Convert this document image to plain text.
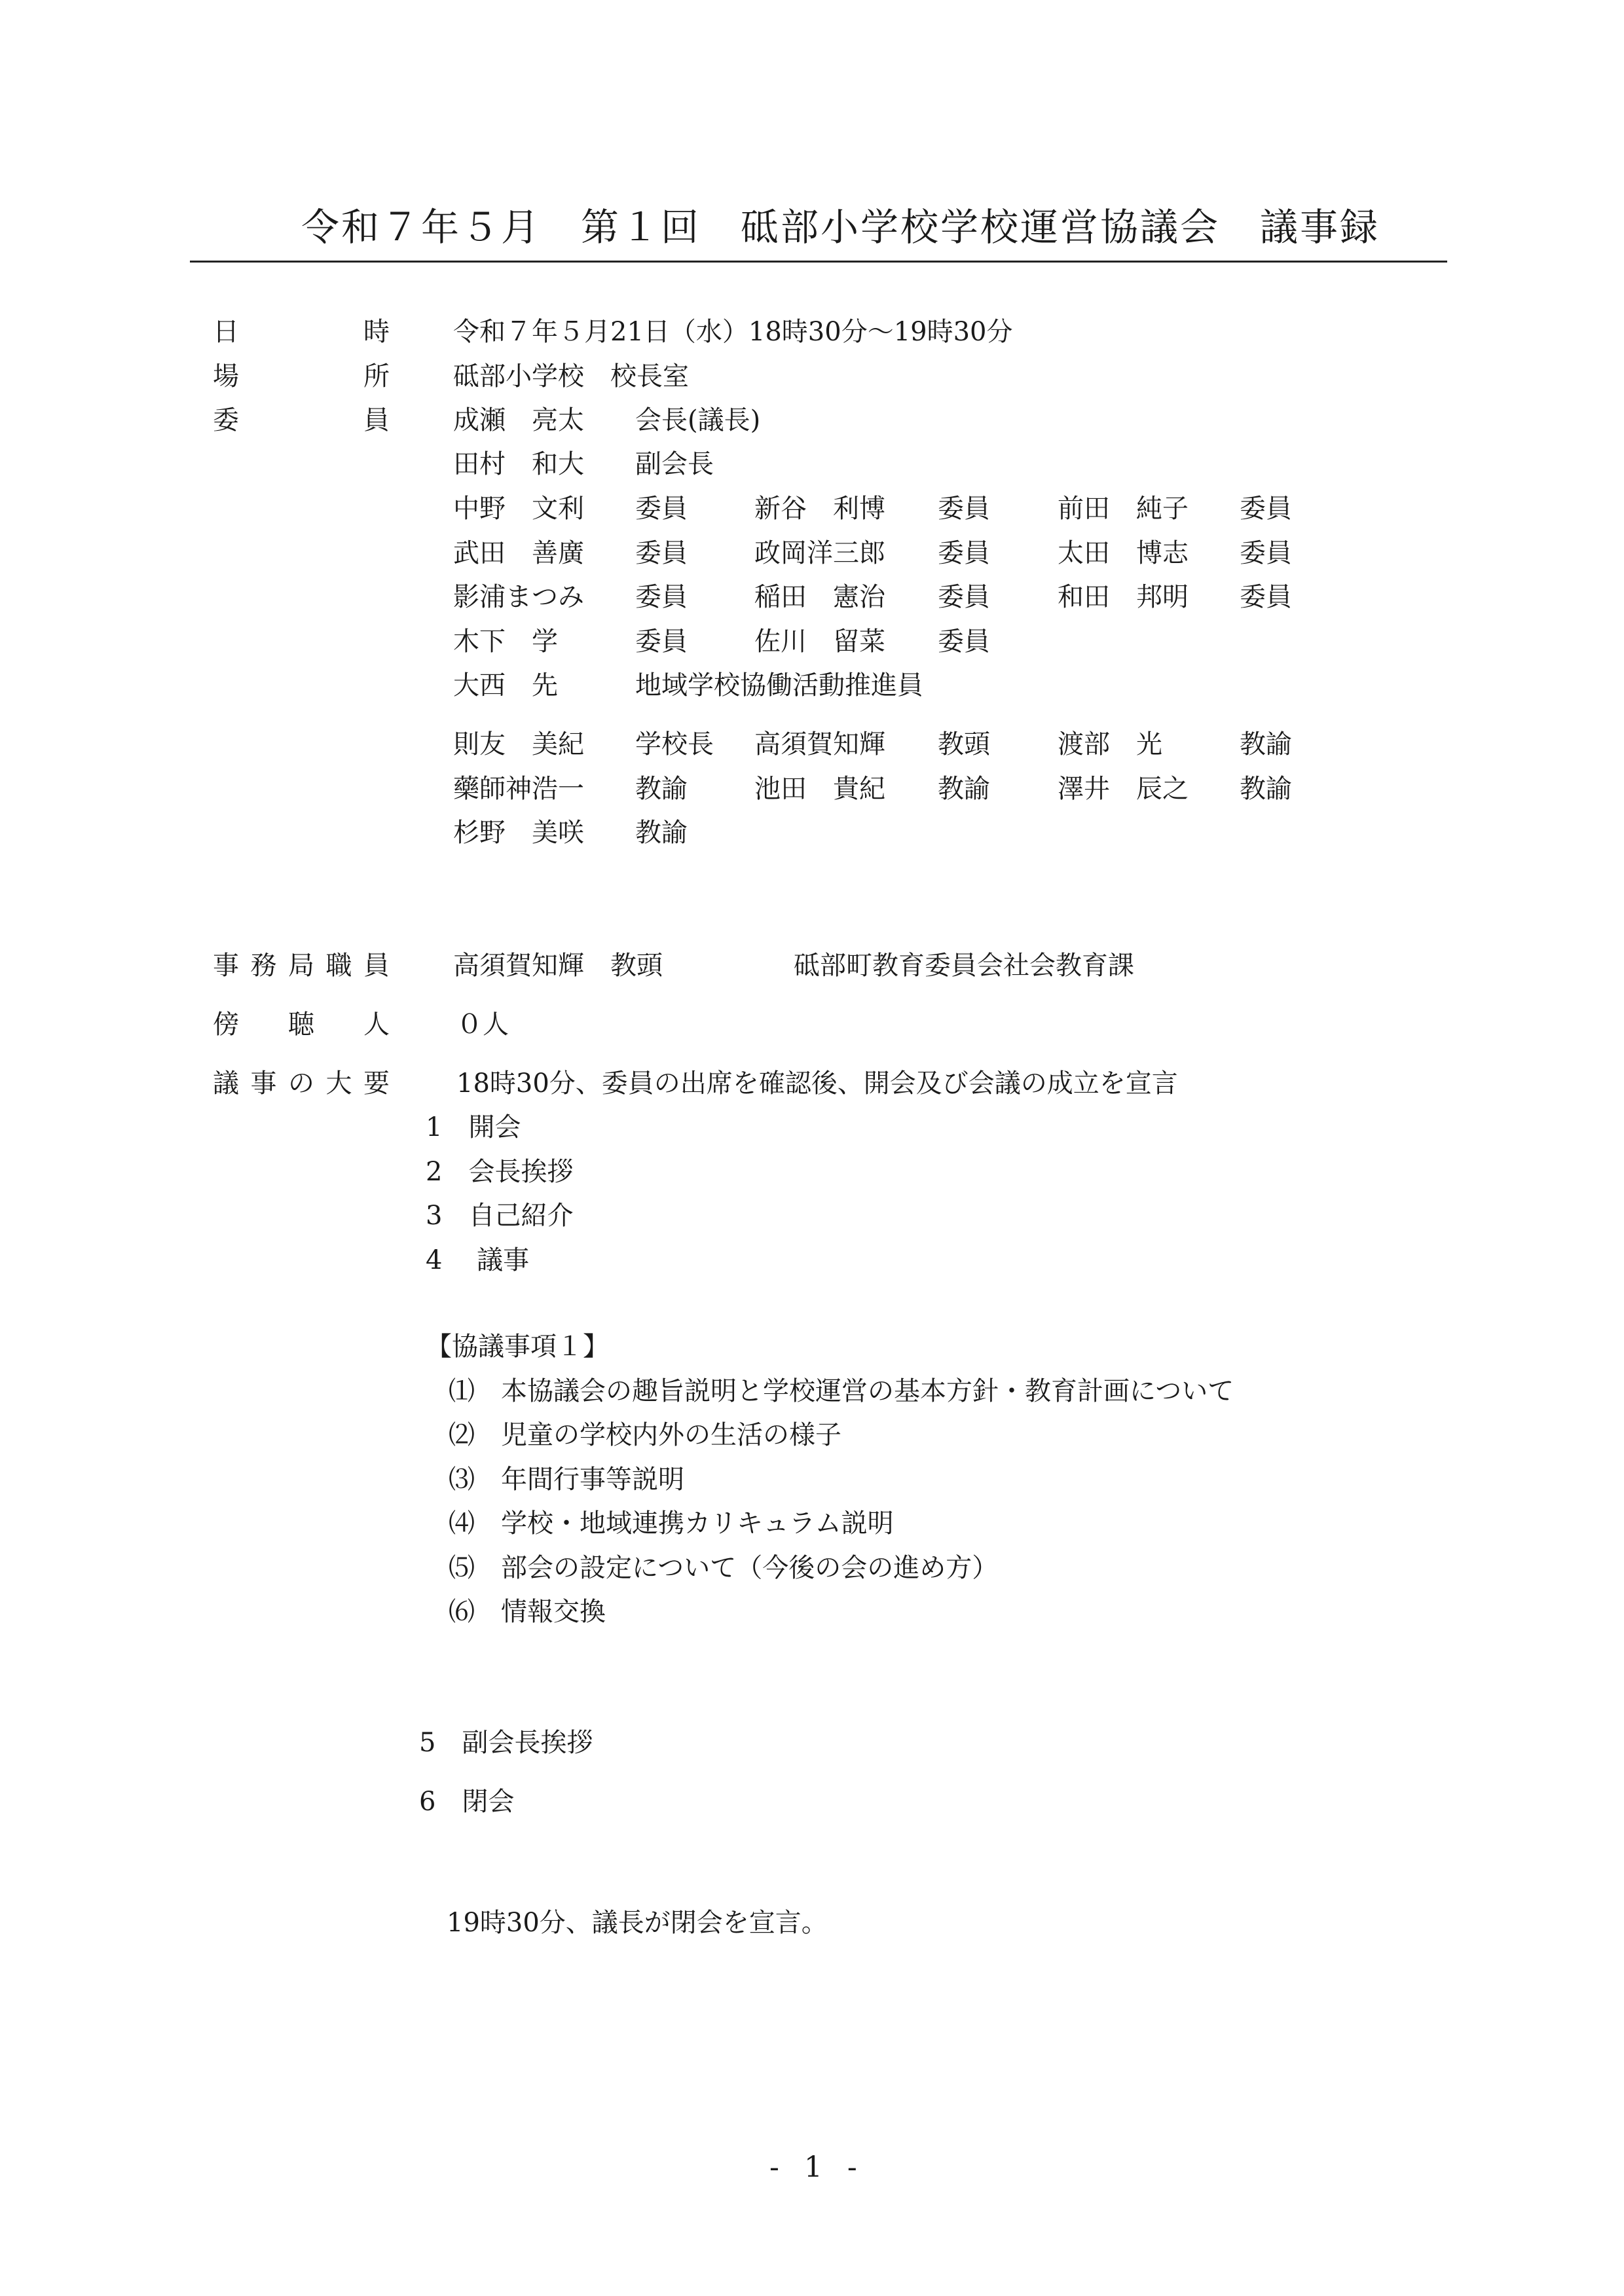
令和７年５月　第１回　砥部小学校学校運営協議会　議事録
日	時 令和７年５月21日（水）18時30分～19時30分
場	所 砥部小学校　校長室
委	員 成瀬　亮太 会長(議長)
田村　和大 副会長
中野　文利 委員	新谷　利博 委員	前田　純子 委員
武田　善廣 委員	政岡洋三郎 委員	太田　博志 委員
影浦まつみ 委員	稲田　憲治 委員	和田　邦明 委員
木下　学	委員	佐川　留菜 委員
大西　先	地域学校協働活動推進員
則友　美紀 学校長 高須賀知輝 教頭	渡部　光	教諭
藥師神浩一 教諭	池田　貴紀 教諭	澤井　辰之 教諭
杉野　美咲 教諭
事 務 局 職 員 高須賀知輝　教頭	砥部町教育委員会社会教育課
傍 聴 人	０人
議 事 の 大 要	18時30分、委員の出席を確認後、開会及び会議の成立を宣言
1　開会
2　会長挨拶
3　自己紹介
4　 議事
【協議事項１】
⑴　本協議会の趣旨説明と学校運営の基本方針・教育計画について
⑵　児童の学校内外の生活の様子
⑶　年間行事等説明
⑷　学校・地域連携カリキュラム説明
⑸　部会の設定について（今後の会の進め方）
⑹　情報交換
5　副会長挨拶
6　閉会
19時30分、議長が閉会を宣言。
- 1 -
